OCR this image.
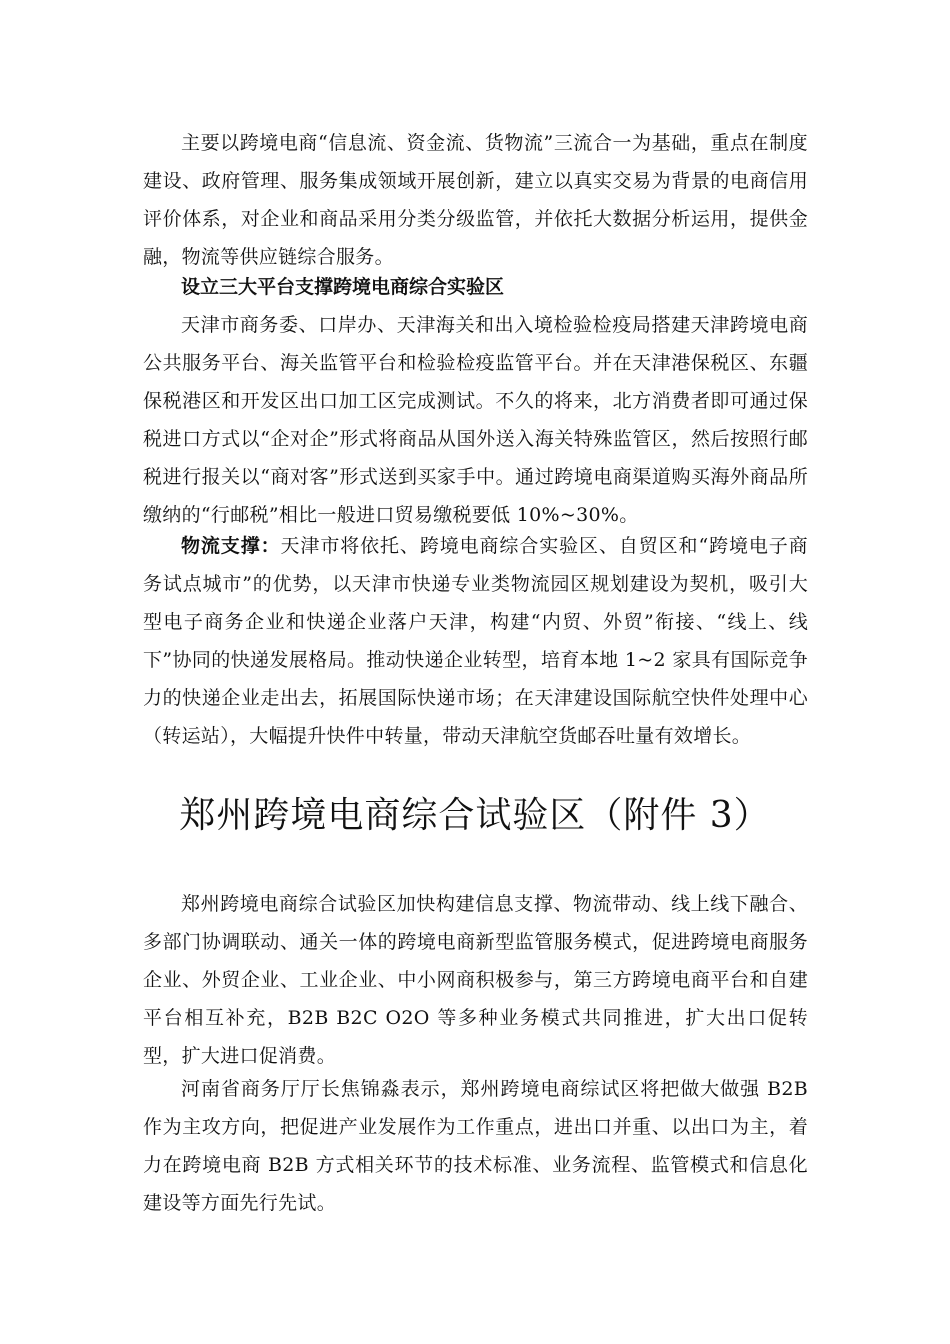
主要以跨境电商“信息流、资金流、货物流”三流合一为基础，重点在制度建设、政府管理、服务集成领域开展创新，建立以真实交易为背景的电商信用评价体系，对企业和商品采用分类分级监管，并依托大数据分析运用，提供金融，物流等供应链综合服务。

设立三大平台支撑跨境电商综合实验区

天津市商务委、口岸办、天津海关和出入境检验检疫局搭建天津跨境电商公共服务平台、海关监管平台和检验检疫监管平台。并在天津港保税区、东疆保税港区和开发区出口加工区完成测试。不久的将来，北方消费者即可通过保税进口方式以“企对企”形式将商品从国外送入海关特殊监管区，然后按照行邮税进行报关以“商对客”形式送到买家手中。通过跨境电商渠道购买海外商品所缴纳的“行邮税”相比一般进口贸易缴税要低 10%~30%。

物流支撑：天津市将依托、跨境电商综合实验区、自贸区和“跨境电子商务试点城市”的优势，以天津市快递专业类物流园区规划建设为契机，吸引大型电子商务企业和快递企业落户天津，构建“内贸、外贸”衔接、“线上、线下”协同的快递发展格局。推动快递企业转型，培育本地 1~2 家具有国际竞争力的快递企业走出去，拓展国际快递市场；在天津建设国际航空快件处理中心（转运站），大幅提升快件中转量，带动天津航空货邮吞吐量有效增长。

郑州跨境电商综合试验区（附件 3）

郑州跨境电商综合试验区加快构建信息支撑、物流带动、线上线下融合、多部门协调联动、通关一体的跨境电商新型监管服务模式，促进跨境电商服务企业、外贸企业、工业企业、中小网商积极参与，第三方跨境电商平台和自建平台相互补充，B2B B2C O2O 等多种业务模式共同推进，扩大出口促转型，扩大进口促消费。

河南省商务厅厅长焦锦淼表示，郑州跨境电商综试区将把做大做强 B2B 作为主攻方向，把促进产业发展作为工作重点，进出口并重、以出口为主，着力在跨境电商 B2B 方式相关环节的技术标准、业务流程、监管模式和信息化建设等方面先行先试。
